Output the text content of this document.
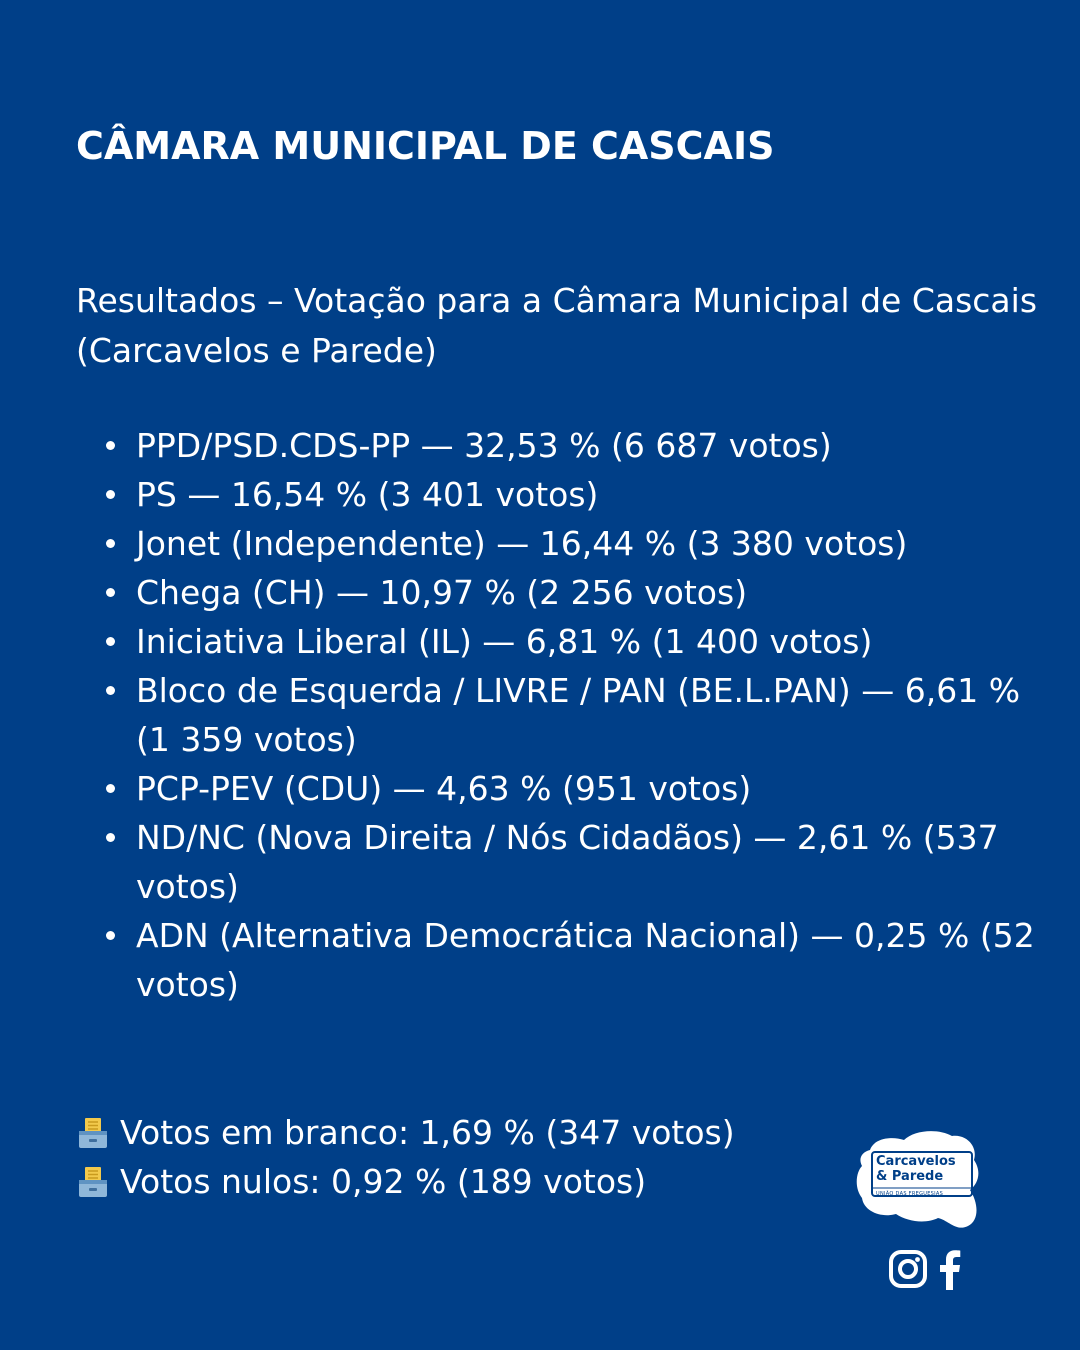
CÂMARA MUNICIPAL DE CASCAIS
Resultados – Votação para a Câmara Municipal de Cascais (Carcavelos e Parede)
PPD/PSD.CDS-PP — 32,53 % (6 687 votos)
PS — 16,54 % (3 401 votos)
Jonet (Independente) — 16,44 % (3 380 votos)
Chega (CH) — 10,97 % (2 256 votos)
Iniciativa Liberal (IL) — 6,81 % (1 400 votos)
Bloco de Esquerda / LIVRE / PAN (BE.L.PAN) — 6,61 % (1 359 votos)
PCP-PEV (CDU) — 4,63 % (951 votos)
ND/NC (Nova Direita / Nós Cidadãos) — 2,61 % (537 votos)
ADN (Alternativa Democrática Nacional) — 0,25 % (52 votos)
Votos em branco: 1,69 % (347 votos)
Votos nulos: 0,92 % (189 votos)
Carcavelos
& Parede
UNIÃO DAS FREGUESIAS
